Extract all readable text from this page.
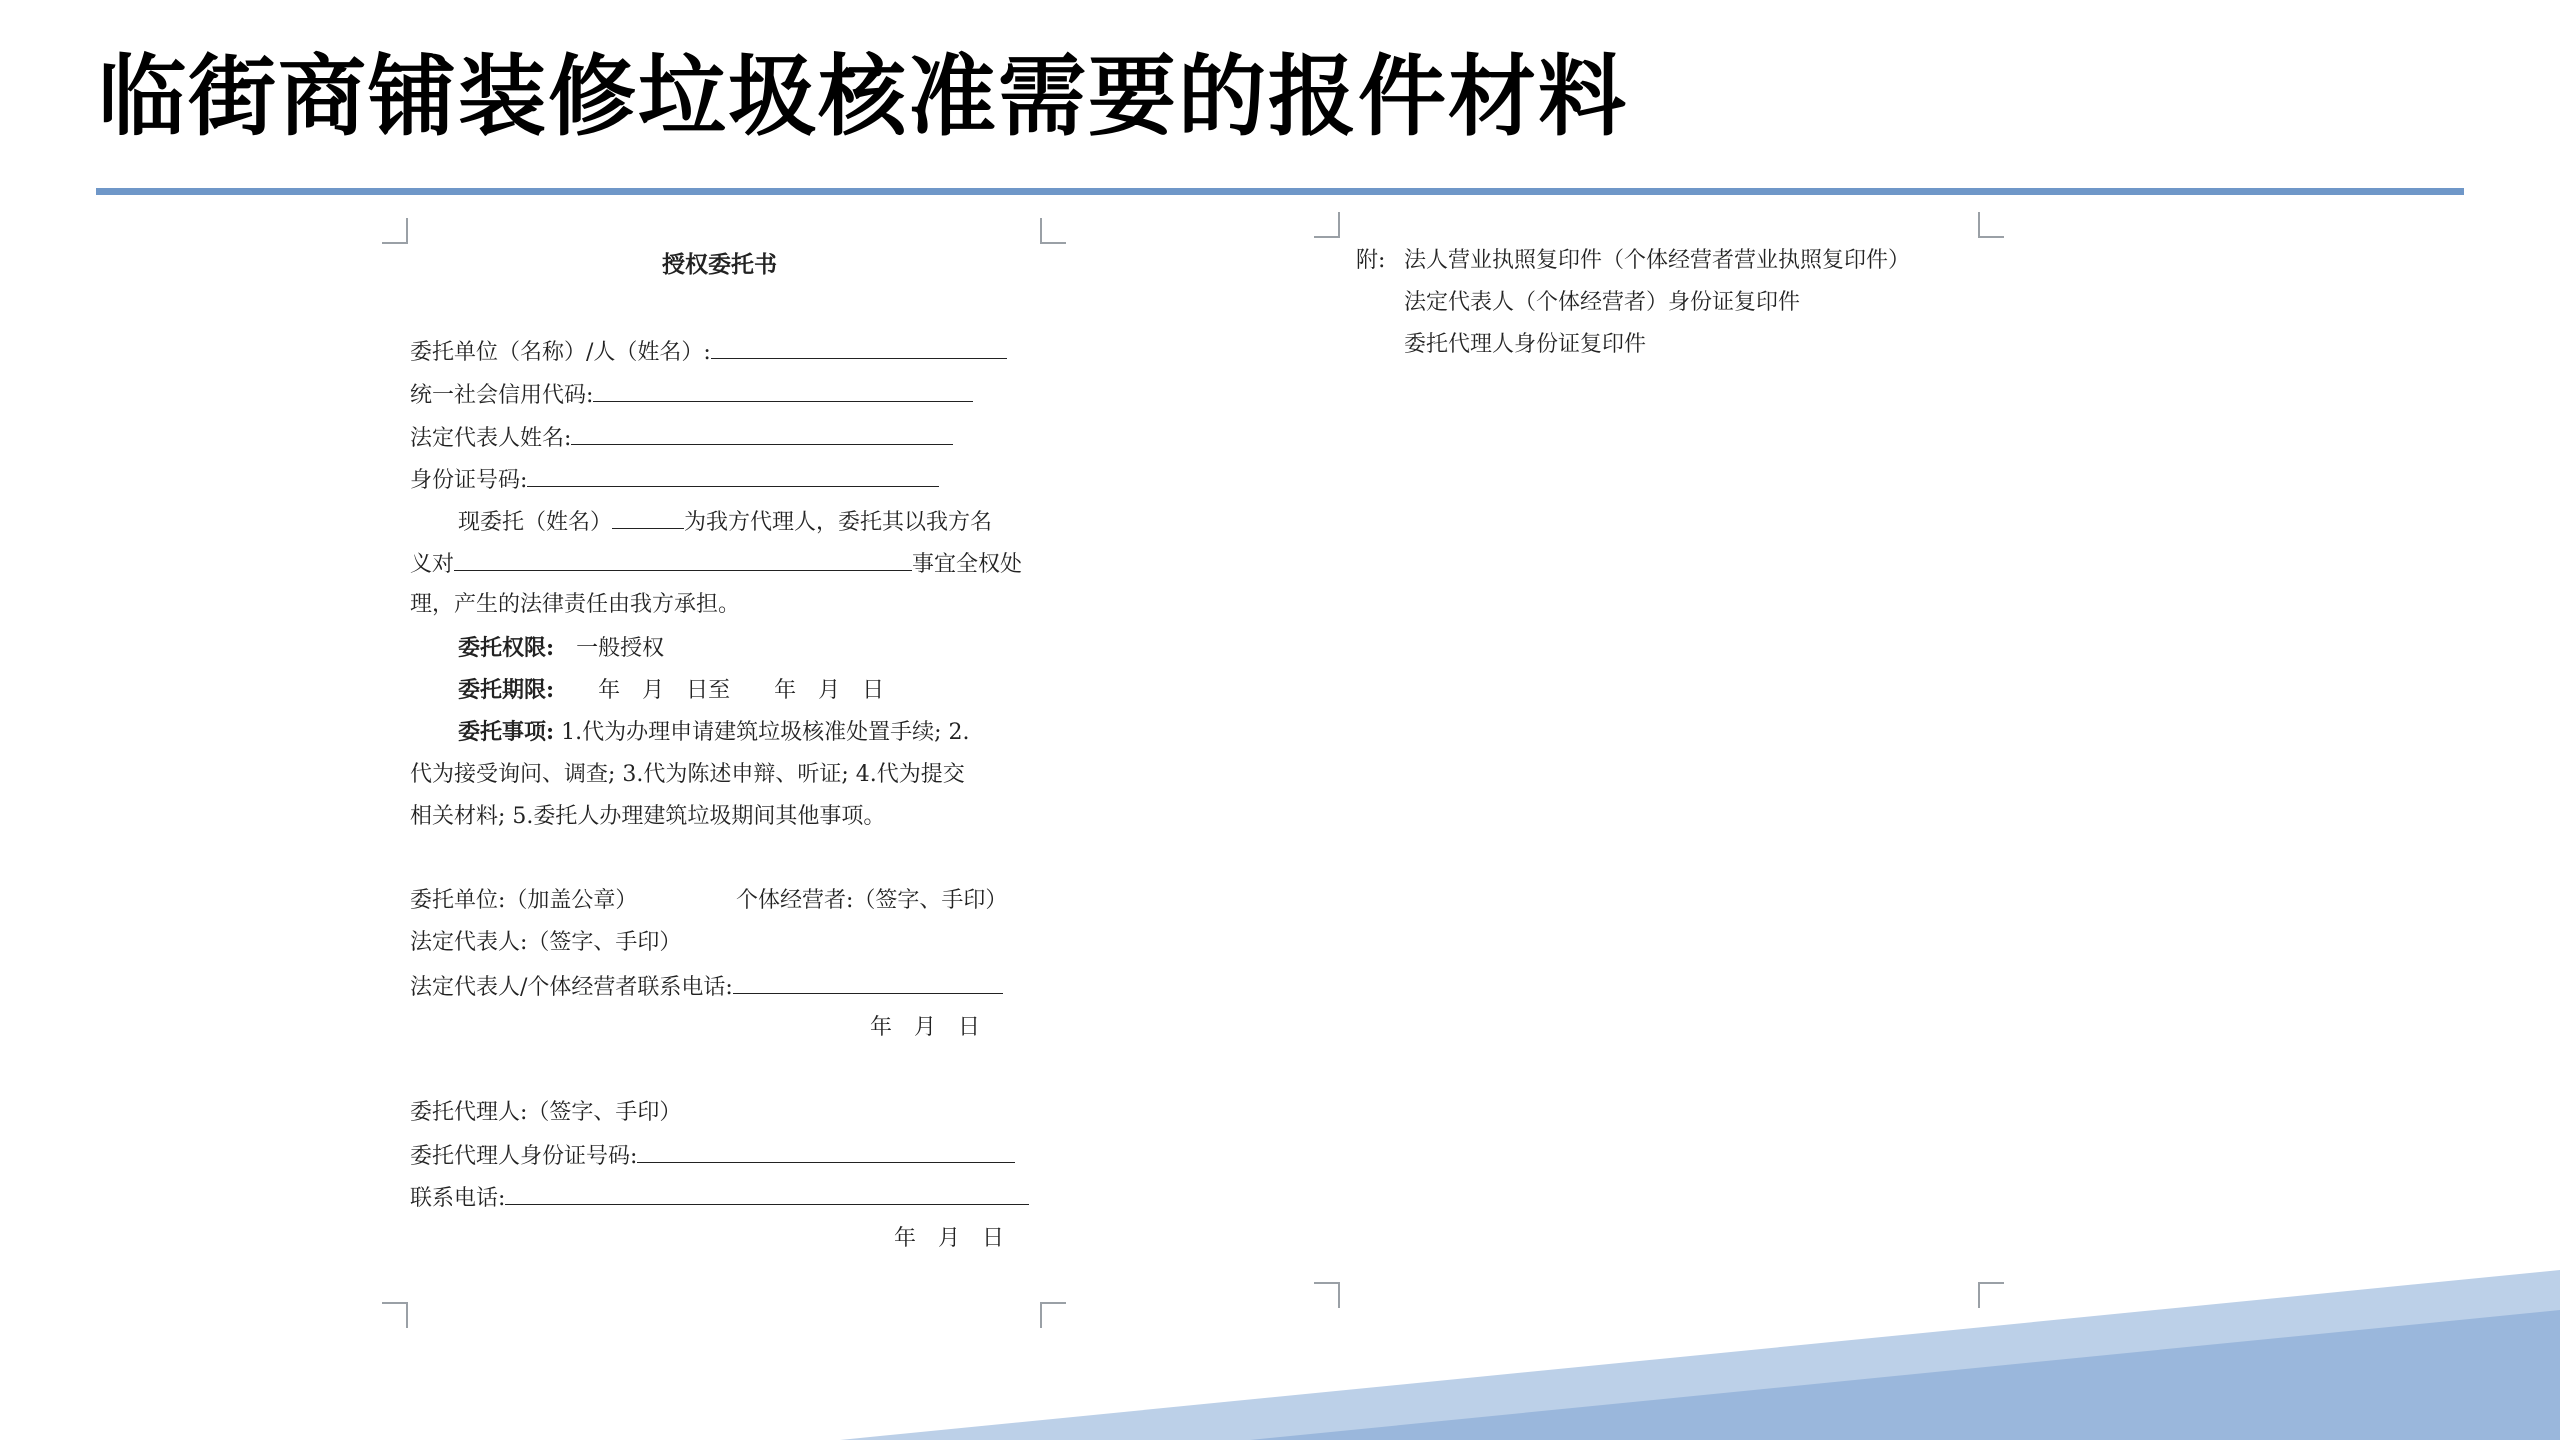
临街商铺装修垃圾核准需要的报件材料
授权委托书
委托单位（名称）/人（姓名）:
统一社会信用代码:
法定代表人姓名:
身份证号码:
现委托（姓名）	为我方代理人，委托其以我方名
义对	事宜全权处
理，产生的法律责任由我方承担。
委托权限:　 一般授权
委托期限:　　 年　月　日至　　年　月　日
委托事项: 1.代为办理申请建筑垃圾核准处置手续; 2.
代为接受询问、调查; 3.代为陈述申辩、听证; 4.代为提交
相关材料; 5.委托人办理建筑垃圾期间其他事项。
委托单位:（加盖公章）	个体经营者:（签字、手印）
法定代表人:（签字、手印）
法定代表人/个体经营者联系电话:
年　月　日
委托代理人:（签字、手印）
委托代理人身份证号码:
联系电话:
年　月　日
附: 法人营业执照复印件（个体经营者营业执照复印件）
法定代表人（个体经营者）身份证复印件
委托代理人身份证复印件
